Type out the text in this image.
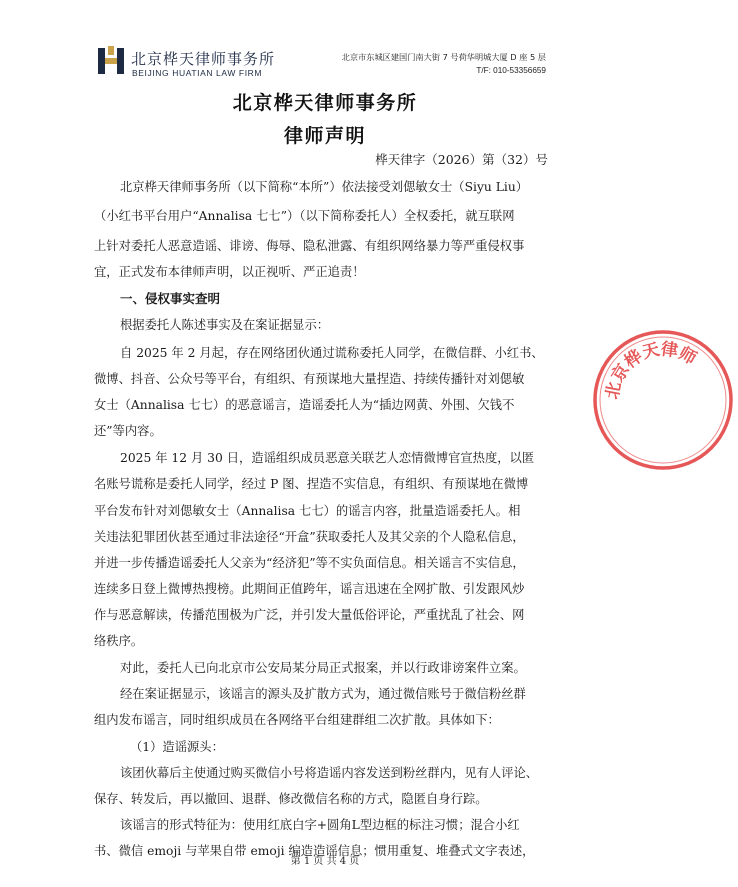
北京桦天律师事务所
BEIJING HUATIAN LAW FIRM
北京市东城区建国门南大街 7 号荷华明城大厦 D 座 5 层
T/F: 010-53356659
北京桦天律师事务所
律师声明
桦天律字（2026）第（32）号
北京桦天律师事务所（以下简称“本所”）依法接受刘偲敏女士（Siyu Liu）
（小红书平台用户“Annalisa 七七”）（以下简称委托人）全权委托，就互联网
上针对委托人恶意造谣、诽谤、侮辱、隐私泄露、有组织网络暴力等严重侵权事
宜，正式发布本律师声明，以正视听、严正追责！
一、侵权事实查明
根据委托人陈述事实及在案证据显示：
自 2025 年 2 月起，存在网络团伙通过谎称委托人同学，在微信群、小红书、
微博、抖音、公众号等平台，有组织、有预谋地大量捏造、持续传播针对刘偲敏
女士（Annalisa 七七）的恶意谣言，造谣委托人为“插边网黄、外围、欠钱不
还”等内容。
2025 年 12 月 30 日，造谣组织成员恶意关联艺人恋情微博官宣热度，以匿
名账号谎称是委托人同学，经过 P 图、捏造不实信息，有组织、有预谋地在微博
平台发布针对刘偲敏女士（Annalisa 七七）的谣言内容，批量造谣委托人。相
关违法犯罪团伙甚至通过非法途径“开盒”获取委托人及其父亲的个人隐私信息，
并进一步传播造谣委托人父亲为“经济犯”等不实负面信息。相关谣言不实信息，
连续多日登上微博热搜榜。此期间正值跨年，谣言迅速在全网扩散、引发跟风炒
作与恶意解读，传播范围极为广泛，并引发大量低俗评论，严重扰乱了社会、网
络秩序。
对此，委托人已向北京市公安局某分局正式报案，并以行政诽谤案件立案。
经在案证据显示，该谣言的源头及扩散方式为，通过微信账号于微信粉丝群
组内发布谣言，同时组织成员在各网络平台组建群组二次扩散。具体如下：
（1）造谣源头：
该团伙幕后主使通过购买微信小号将造谣内容发送到粉丝群内，见有人评论、
保存、转发后，再以撤回、退群、修改微信名称的方式，隐匿自身行踪。
该谣言的形式特征为：使用红底白字+圆角L型边框的标注习惯；混合小红
书、微信 emoji 与苹果自带 emoji 编造造谣信息；惯用重复、堆叠式文字表述，
北京桦天律师
第 1 页 共 4 页
